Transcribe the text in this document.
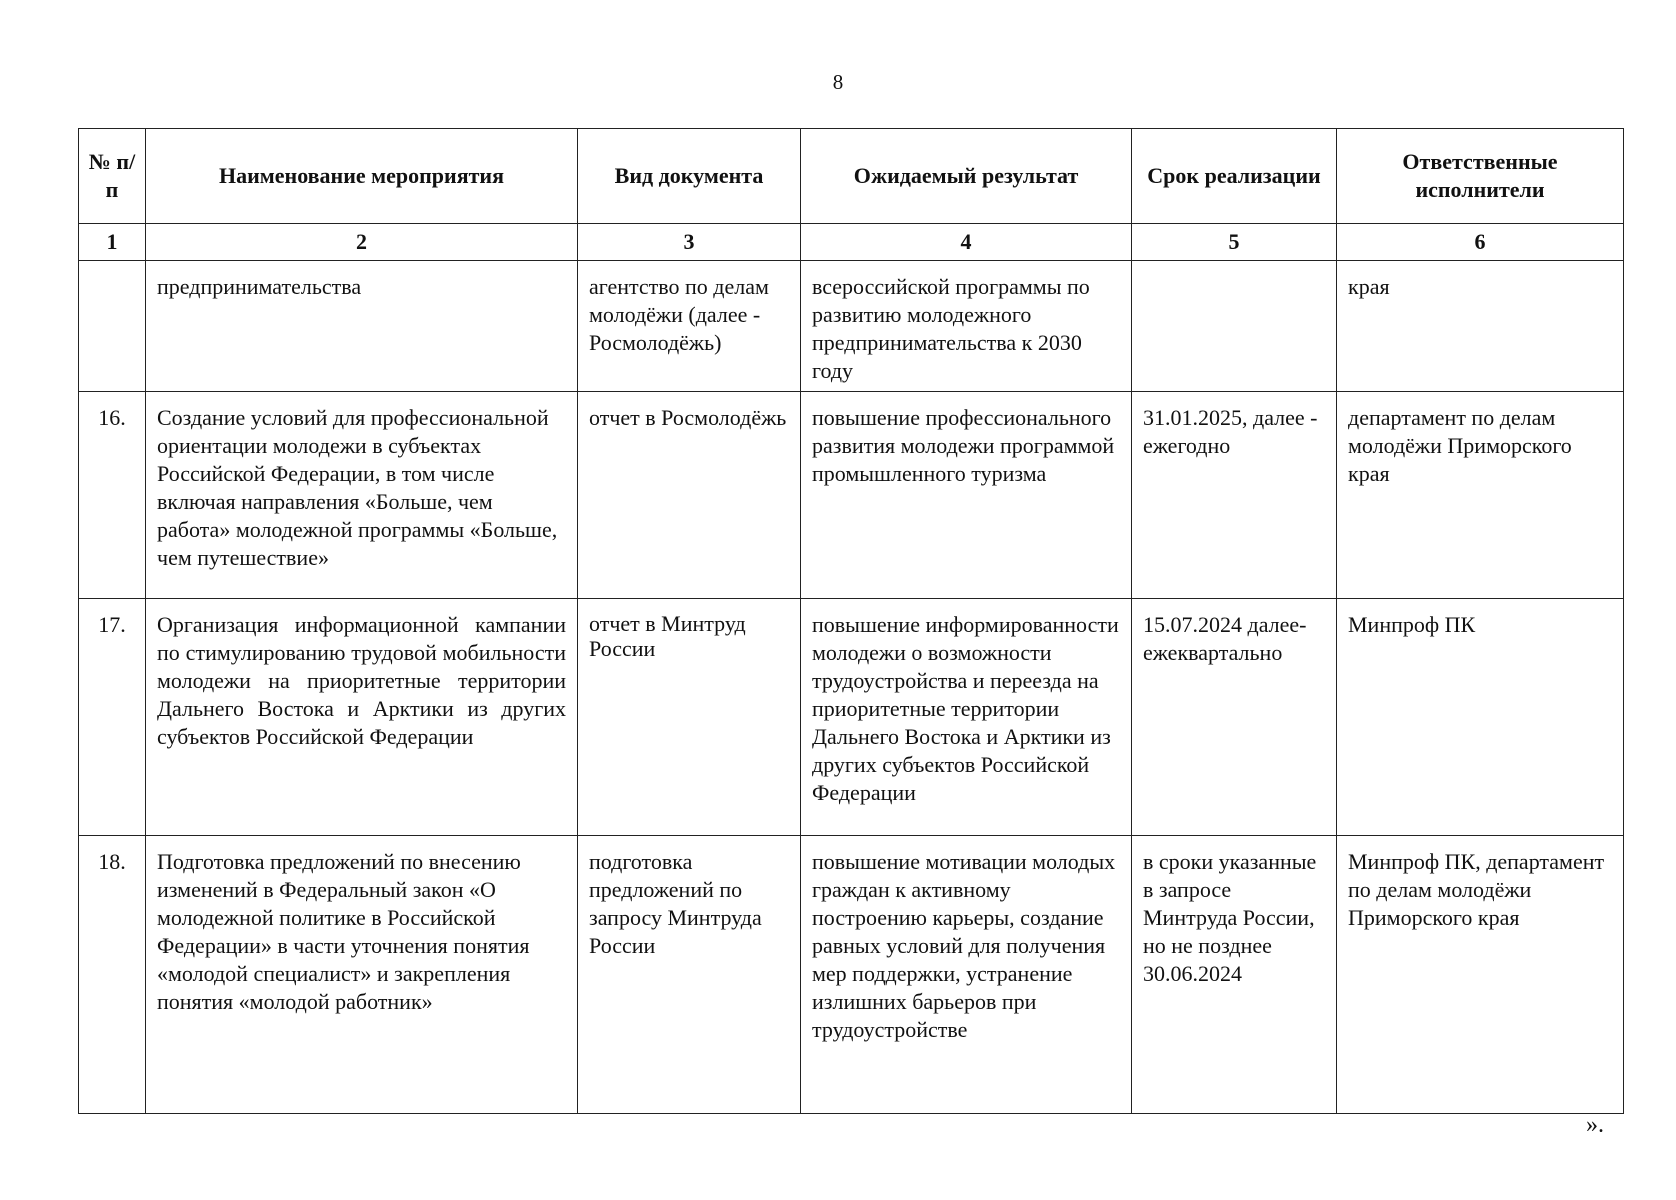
8
№ п/п	Наименование мероприятия	Вид документа	Ожидаемый результат	Срок реализации	Ответственные исполнители
1	2	3	4	5	6
	предпринимательства	агентство по делам молодёжи (далее - Росмолодёжь)	всероссийской программы по развитию молодежного предпринимательства к 2030 году		края
16.	Создание условий для профессиональной ориентации молодежи в субъектах Российской Федерации, в том числе включая направления «Больше, чем работа» молодежной программы «Больше, чем путешествие»	отчет в Росмолодёжь	повышение профессионального развития молодежи программой промышленного туризма	31.01.2025, далее - ежегодно	департамент по делам молодёжи Приморского края
17.	Организация информационной кампании по стимулированию трудовой мобильности молодежи на приоритетные территории Дальнего Востока и Арктики из других субъектов Российской Федерации	отчет в Минтруд России	повышение информированности молодежи о возможности трудоустройства и переезда на приоритетные территории Дальнего Востока и Арктики из других субъектов Российской Федерации	15.07.2024 далее-ежеквартально	Минпроф ПК
18.	Подготовка предложений по внесению изменений в Федеральный закон «О молодежной политике в Российской Федерации» в части уточнения понятия «молодой специалист» и закрепления понятия «молодой работник»	подготовка предложений по запросу Минтруда России	повышение мотивации молодых граждан к активному построению карьеры, создание равных условий для получения мер поддержки, устранение излишних барьеров при трудоустройстве	в сроки указанные в запросе Минтруда России, но не позднее 30.06.2024	Минпроф ПК, департамент по делам молодёжи Приморского края
».
